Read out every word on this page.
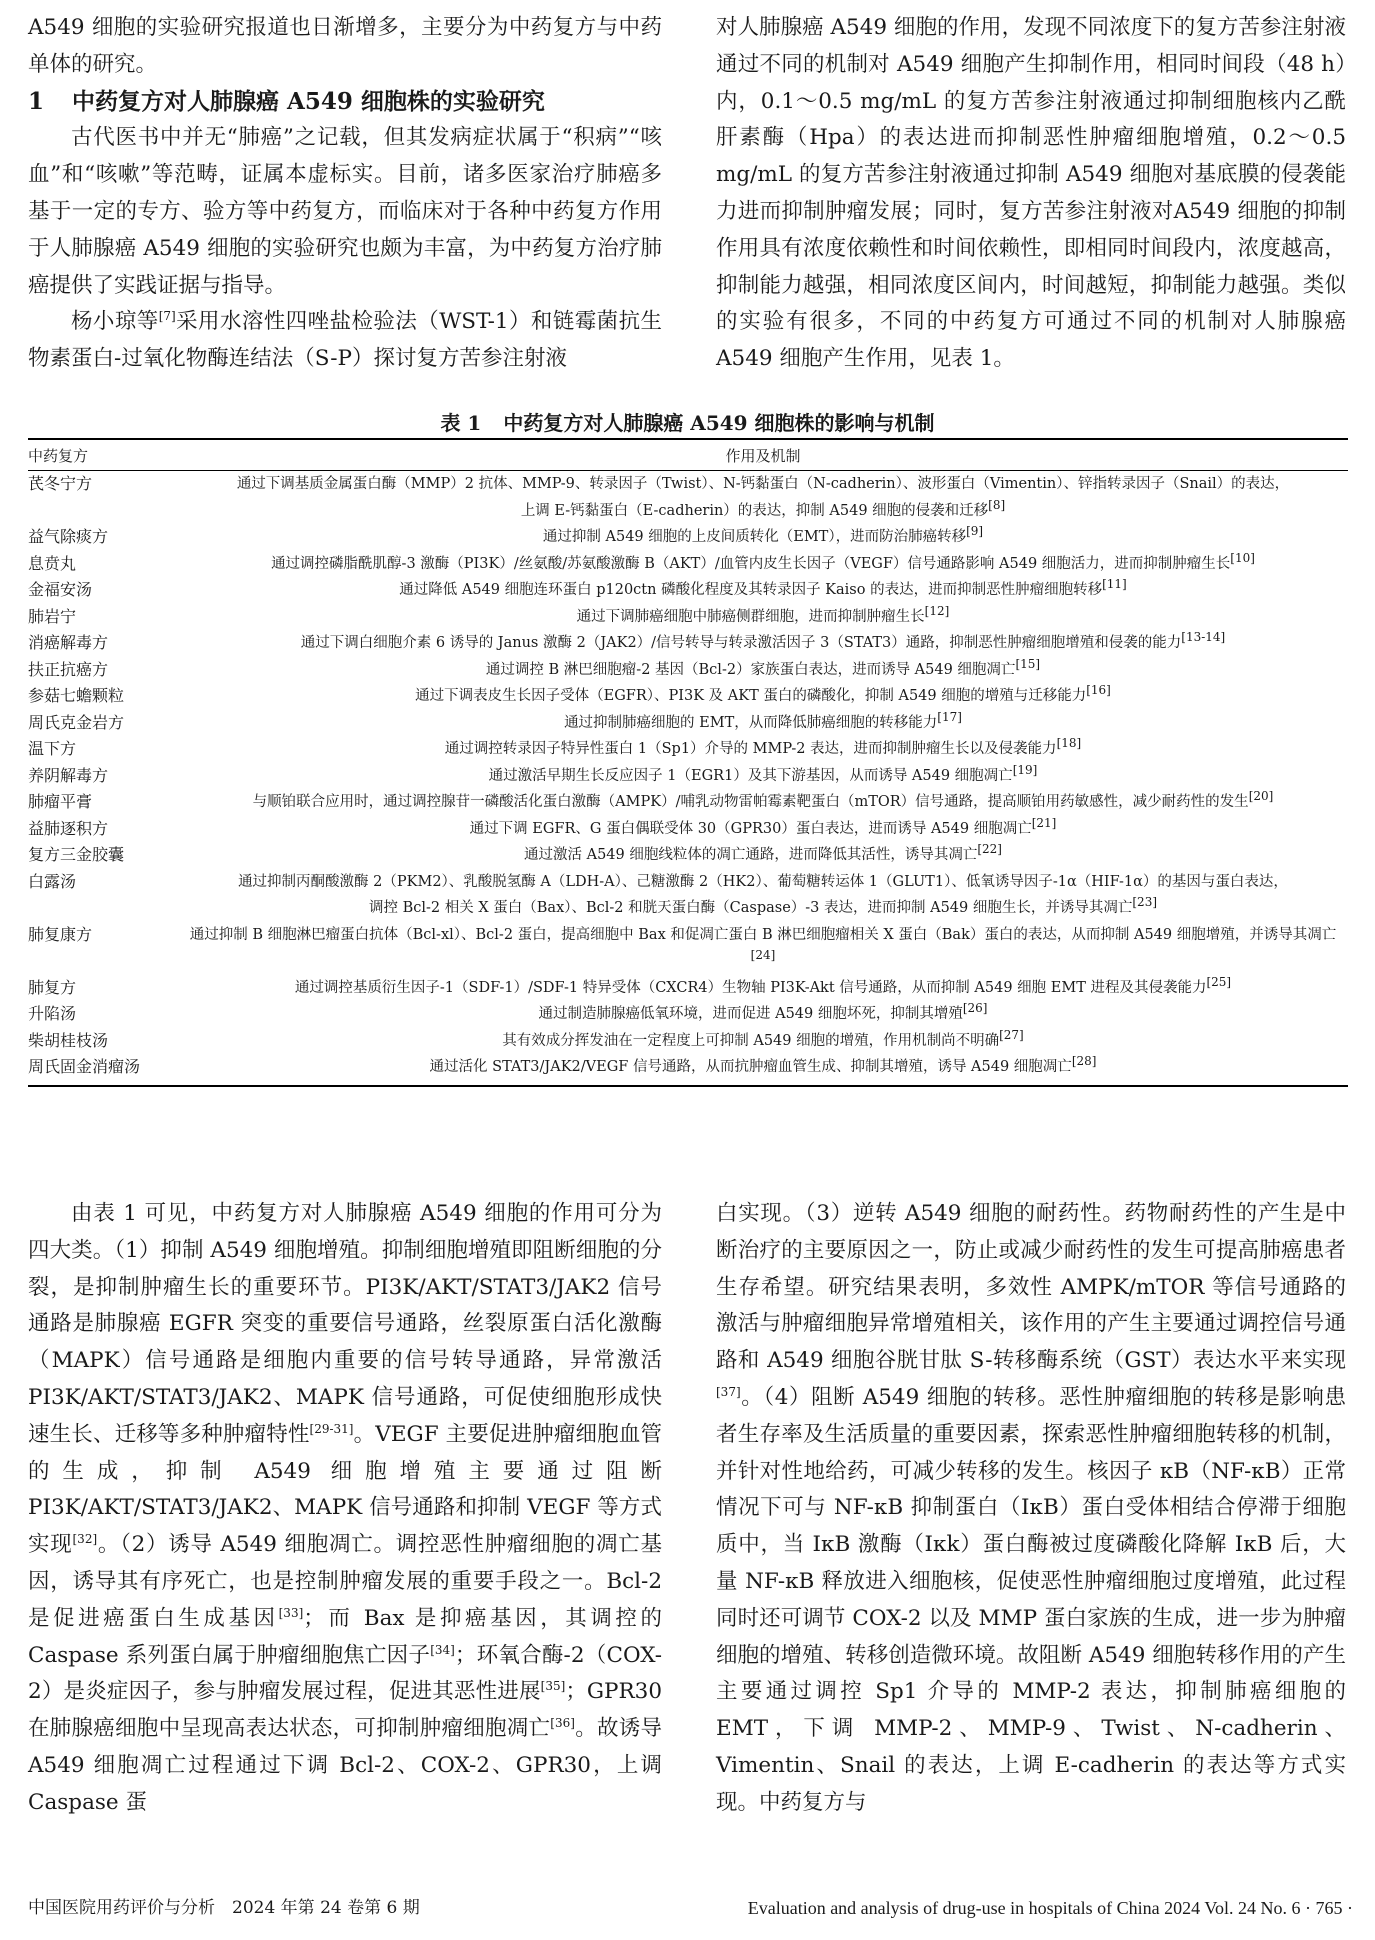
A549 细胞的实验研究报道也日渐增多，主要分为中药复方与中药单体的研究。

1 中药复方对人肺腺癌 A549 细胞株的实验研究

古代医书中并无“肺癌”之记载，但其发病症状属于“积病”“咳血”和“咳嗽”等范畴，证属本虚标实。目前，诸多医家治疗肺癌多基于一定的专方、验方等中药复方，而临床对于各种中药复方作用于人肺腺癌 A549 细胞的实验研究也颇为丰富，为中药复方治疗肺癌提供了实践证据与指导。

杨小琼等[7]采用水溶性四唑盐检验法（WST-1）和链霉菌抗生物素蛋白-过氧化物酶连结法（S-P）探讨复方苦参注射液

对人肺腺癌 A549 细胞的作用，发现不同浓度下的复方苦参注射液通过不同的机制对 A549 细胞产生抑制作用，相同时间段（48 h）内，0.1～0.5 mg/mL 的复方苦参注射液通过抑制细胞核内乙酰肝素酶（Hpa）的表达进而抑制恶性肿瘤细胞增殖，0.2～0.5 mg/mL 的复方苦参注射液通过抑制 A549 细胞对基底膜的侵袭能力进而抑制肿瘤发展；同时，复方苦参注射液对A549 细胞的抑制作用具有浓度依赖性和时间依赖性，即相同时间段内，浓度越高，抑制能力越强，相同浓度区间内，时间越短，抑制能力越强。类似的实验有很多，不同的中药复方可通过不同的机制对人肺腺癌 A549 细胞产生作用，见表 1。

表 1 中药复方对人肺腺癌 A549 细胞株的影响与机制
中药复方	作用及机制
芪冬宁方	通过下调基质金属蛋白酶（MMP）2 抗体、MMP-9、转录因子（Twist）、N-钙黏蛋白（N-cadherin）、波形蛋白（Vimentin）、锌指转录因子（Snail）的表达，
上调 E-钙黏蛋白（E-cadherin）的表达，抑制 A549 细胞的侵袭和迁移[8]
益气除痰方	通过抑制 A549 细胞的上皮间质转化（EMT），进而防治肺癌转移[9]
息贲丸	通过调控磷脂酰肌醇-3 激酶（PI3K）/丝氨酸/苏氨酸激酶 B（AKT）/血管内皮生长因子（VEGF）信号通路影响 A549 细胞活力，进而抑制肿瘤生长[10]
金福安汤	通过降低 A549 细胞连环蛋白 p120ctn 磷酸化程度及其转录因子 Kaiso 的表达，进而抑制恶性肿瘤细胞转移[11]
肺岩宁	通过下调肺癌细胞中肺癌侧群细胞，进而抑制肿瘤生长[12]
消癌解毒方	通过下调白细胞介素 6 诱导的 Janus 激酶 2（JAK2）/信号转导与转录激活因子 3（STAT3）通路，抑制恶性肿瘤细胞增殖和侵袭的能力[13-14]
扶正抗癌方	通过调控 B 淋巴细胞瘤-2 基因（Bcl-2）家族蛋白表达，进而诱导 A549 细胞凋亡[15]
参菇七蟾颗粒	通过下调表皮生长因子受体（EGFR）、PI3K 及 AKT 蛋白的磷酸化，抑制 A549 细胞的增殖与迁移能力[16]
周氏克金岩方	通过抑制肺癌细胞的 EMT，从而降低肺癌细胞的转移能力[17]
温下方	通过调控转录因子特异性蛋白 1（Sp1）介导的 MMP-2 表达，进而抑制肿瘤生长以及侵袭能力[18]
养阴解毒方	通过激活早期生长反应因子 1（EGR1）及其下游基因，从而诱导 A549 细胞凋亡[19]
肺瘤平膏	与顺铂联合应用时，通过调控腺苷一磷酸活化蛋白激酶（AMPK）/哺乳动物雷帕霉素靶蛋白（mTOR）信号通路，提高顺铂用药敏感性，减少耐药性的发生[20]
益肺逐积方	通过下调 EGFR、G 蛋白偶联受体 30（GPR30）蛋白表达，进而诱导 A549 细胞凋亡[21]
复方三金胶囊	通过激活 A549 细胞线粒体的凋亡通路，进而降低其活性，诱导其凋亡[22]
白露汤	通过抑制丙酮酸激酶 2（PKM2）、乳酸脱氢酶 A（LDH-A）、己糖激酶 2（HK2）、葡萄糖转运体 1（GLUT1）、低氧诱导因子-1α（HIF-1α）的基因与蛋白表达，
调控 Bcl-2 相关 X 蛋白（Bax）、Bcl-2 和胱天蛋白酶（Caspase）-3 表达，进而抑制 A549 细胞生长，并诱导其凋亡[23]
肺复康方	通过抑制 B 细胞淋巴瘤蛋白抗体（Bcl-xl）、Bcl-2 蛋白，提高细胞中 Bax 和促凋亡蛋白 B 淋巴细胞瘤相关 X 蛋白（Bak）蛋白的表达，从而抑制 A549 细胞增殖，并诱导其凋亡[24]
肺复方	通过调控基质衍生因子-1（SDF-1）/SDF-1 特异受体（CXCR4）生物轴 PI3K-Akt 信号通路，从而抑制 A549 细胞 EMT 进程及其侵袭能力[25]
升陷汤	通过制造肺腺癌低氧环境，进而促进 A549 细胞坏死，抑制其增殖[26]
柴胡桂枝汤	其有效成分挥发油在一定程度上可抑制 A549 细胞的增殖，作用机制尚不明确[27]
周氏固金消瘤汤	通过活化 STAT3/JAK2/VEGF 信号通路，从而抗肿瘤血管生成、抑制其增殖，诱导 A549 细胞凋亡[28]

由表 1 可见，中药复方对人肺腺癌 A549 细胞的作用可分为四大类。（1）抑制 A549 细胞增殖。抑制细胞增殖即阻断细胞的分裂，是抑制肿瘤生长的重要环节。PI3K/AKT/STAT3/JAK2 信号通路是肺腺癌 EGFR 突变的重要信号通路，丝裂原蛋白活化激酶（MAPK）信号通路是细胞内重要的信号转导通路，异常激活 PI3K/AKT/STAT3/JAK2、MAPK 信号通路，可促使细胞形成快速生长、迁移等多种肿瘤特性[29-31]。VEGF 主要促进肿瘤细胞血管的生成，抑制 A549 细胞增殖主要通过阻断 PI3K/AKT/STAT3/JAK2、MAPK 信号通路和抑制 VEGF 等方式实现[32]。（2）诱导 A549 细胞凋亡。调控恶性肿瘤细胞的凋亡基因，诱导其有序死亡，也是控制肿瘤发展的重要手段之一。Bcl-2 是促进癌蛋白生成基因[33]；而 Bax 是抑癌基因，其调控的 Caspase 系列蛋白属于肿瘤细胞焦亡因子[34]；环氧合酶-2（COX-2）是炎症因子，参与肿瘤发展过程，促进其恶性进展[35]；GPR30 在肺腺癌细胞中呈现高表达状态，可抑制肿瘤细胞凋亡[36]。故诱导 A549 细胞凋亡过程通过下调 Bcl-2、COX-2、GPR30，上调 Caspase 蛋

白实现。（3）逆转 A549 细胞的耐药性。药物耐药性的产生是中断治疗的主要原因之一，防止或减少耐药性的发生可提高肺癌患者生存希望。研究结果表明，多效性 AMPK/mTOR 等信号通路的激活与肿瘤细胞异常增殖相关，该作用的产生主要通过调控信号通路和 A549 细胞谷胱甘肽 S-转移酶系统（GST）表达水平来实现[37]。（4）阻断 A549 细胞的转移。恶性肿瘤细胞的转移是影响患者生存率及生活质量的重要因素，探索恶性肿瘤细胞转移的机制，并针对性地给药，可减少转移的发生。核因子 κB（NF-κB）正常情况下可与 NF-κB 抑制蛋白（IκB）蛋白受体相结合停滞于细胞质中，当 IκB 激酶（Iκk）蛋白酶被过度磷酸化降解 IκB 后，大量 NF-κB 释放进入细胞核，促使恶性肿瘤细胞过度增殖，此过程同时还可调节 COX-2 以及 MMP 蛋白家族的生成，进一步为肿瘤细胞的增殖、转移创造微环境。故阻断 A549 细胞转移作用的产生主要通过调控 Sp1 介导的 MMP-2 表达，抑制肺癌细胞的 EMT，下调 MMP-2、MMP-9、Twist、N-cadherin、Vimentin、Snail 的表达，上调 E-cadherin 的表达等方式实现。中药复方与

中国医院用药评价与分析　2024 年第 24 卷第 6 期	Evaluation and analysis of drug-use in hospitals of China 2024 Vol. 24 No. 6 · 765 ·
